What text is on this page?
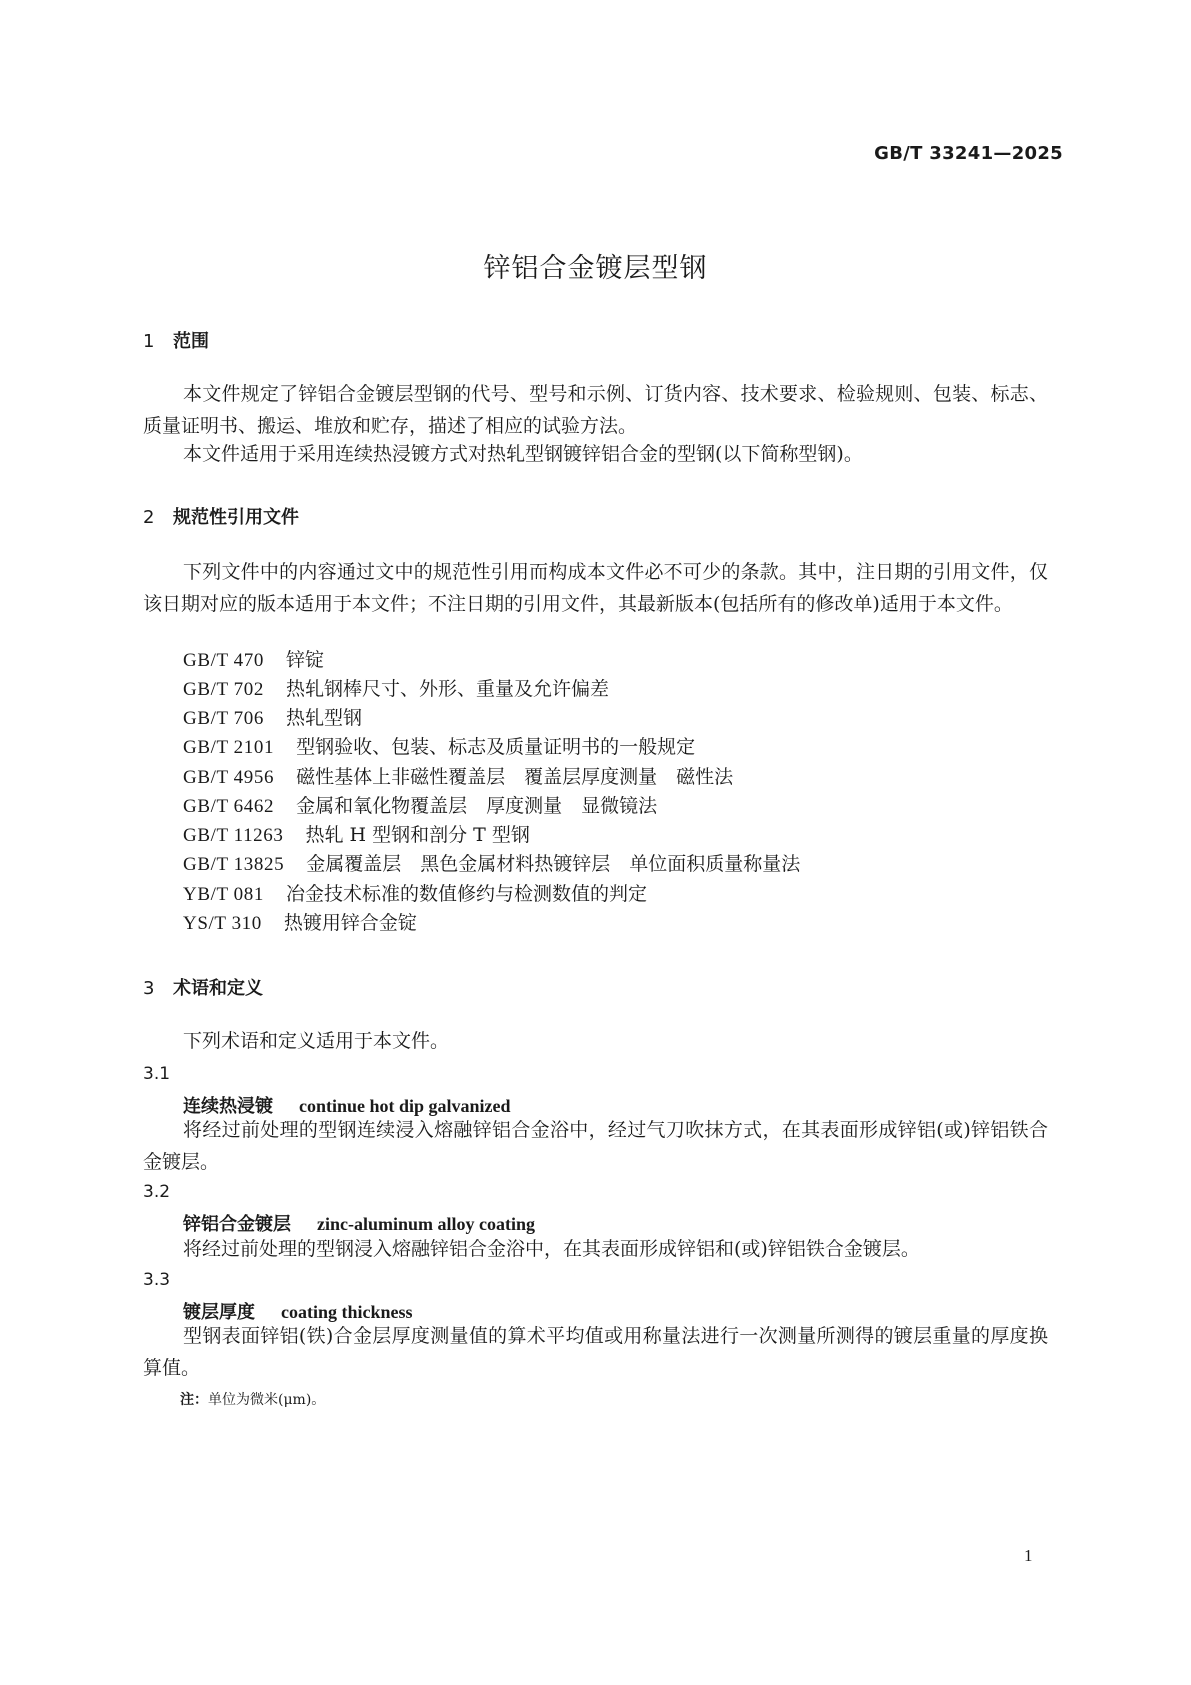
GB/T 33241—2025
锌铝合金镀层型钢
1 范围
本文件规定了锌铝合金镀层型钢的代号、型号和示例、订货内容、技术要求、检验规则、包装、标志、质量证明书、搬运、堆放和贮存，描述了相应的试验方法。
本文件适用于采用连续热浸镀方式对热轧型钢镀锌铝合金的型钢(以下简称型钢)。
2 规范性引用文件
下列文件中的内容通过文中的规范性引用而构成本文件必不可少的条款。其中，注日期的引用文件，仅该日期对应的版本适用于本文件；不注日期的引用文件，其最新版本(包括所有的修改单)适用于本文件。
GB/T 470 锌锭
GB/T 702 热轧钢棒尺寸、外形、重量及允许偏差
GB/T 706 热轧型钢
GB/T 2101 型钢验收、包装、标志及质量证明书的一般规定
GB/T 4956 磁性基体上非磁性覆盖层　覆盖层厚度测量　磁性法
GB/T 6462 金属和氧化物覆盖层　厚度测量　显微镜法
GB/T 11263 热轧 H 型钢和剖分 T 型钢
GB/T 13825 金属覆盖层　黑色金属材料热镀锌层　单位面积质量称量法
YB/T 081 冶金技术标准的数值修约与检测数值的判定
YS/T 310 热镀用锌合金锭
3 术语和定义
下列术语和定义适用于本文件。
3.1
连续热浸镀 continue hot dip galvanized
将经过前处理的型钢连续浸入熔融锌铝合金浴中，经过气刀吹抹方式，在其表面形成锌铝(或)锌铝铁合金镀层。
3.2
锌铝合金镀层 zinc-aluminum alloy coating
将经过前处理的型钢浸入熔融锌铝合金浴中，在其表面形成锌铝和(或)锌铝铁合金镀层。
3.3
镀层厚度 coating thickness
型钢表面锌铝(铁)合金层厚度测量值的算术平均值或用称量法进行一次测量所测得的镀层重量的厚度换算值。
注：单位为微米(μm)。
1
